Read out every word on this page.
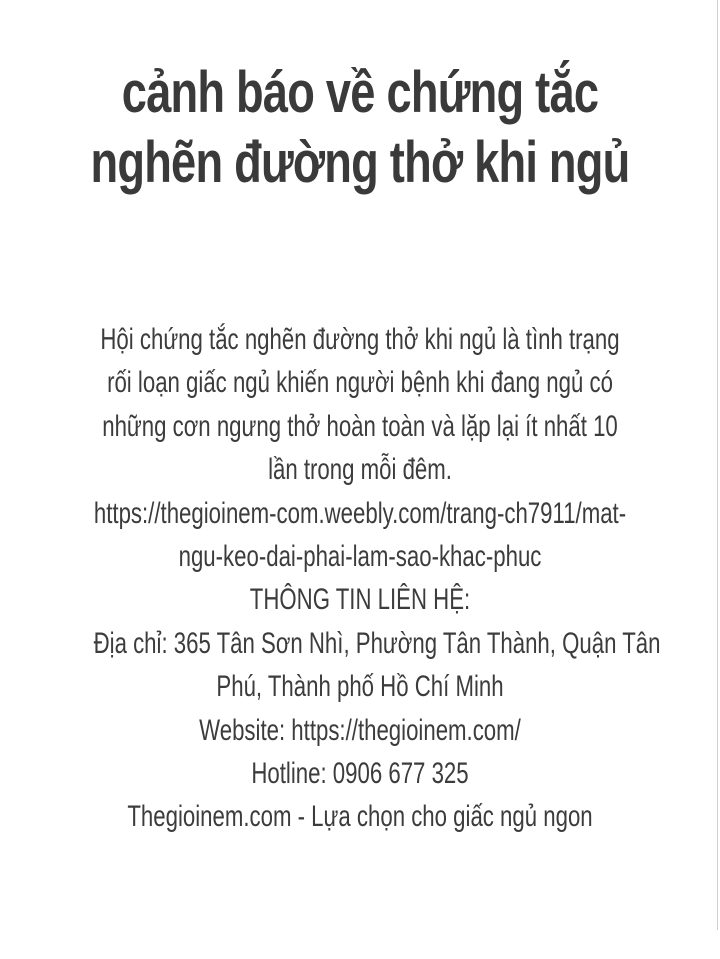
cảnh báo về chứng tắc
nghẽn đường thở khi ngủ
Hội chứng tắc nghẽn đường thở khi ngủ là tình trạng
rối loạn giấc ngủ khiến người bệnh khi đang ngủ có
những cơn ngưng thở hoàn toàn và lặp lại ít nhất 10
lần trong mỗi đêm.
https://thegioinem-com.weebly.com/trang-ch7911/mat-
ngu-keo-dai-phai-lam-sao-khac-phuc
THÔNG TIN LIÊN HỆ:
Địa chỉ: 365 Tân Sơn Nhì, Phường Tân Thành, Quận Tân
Phú, Thành phố Hồ Chí Minh
Website: https://thegioinem.com/
Hotline: 0906 677 325
Thegioinem.com - Lựa chọn cho giấc ngủ ngon
